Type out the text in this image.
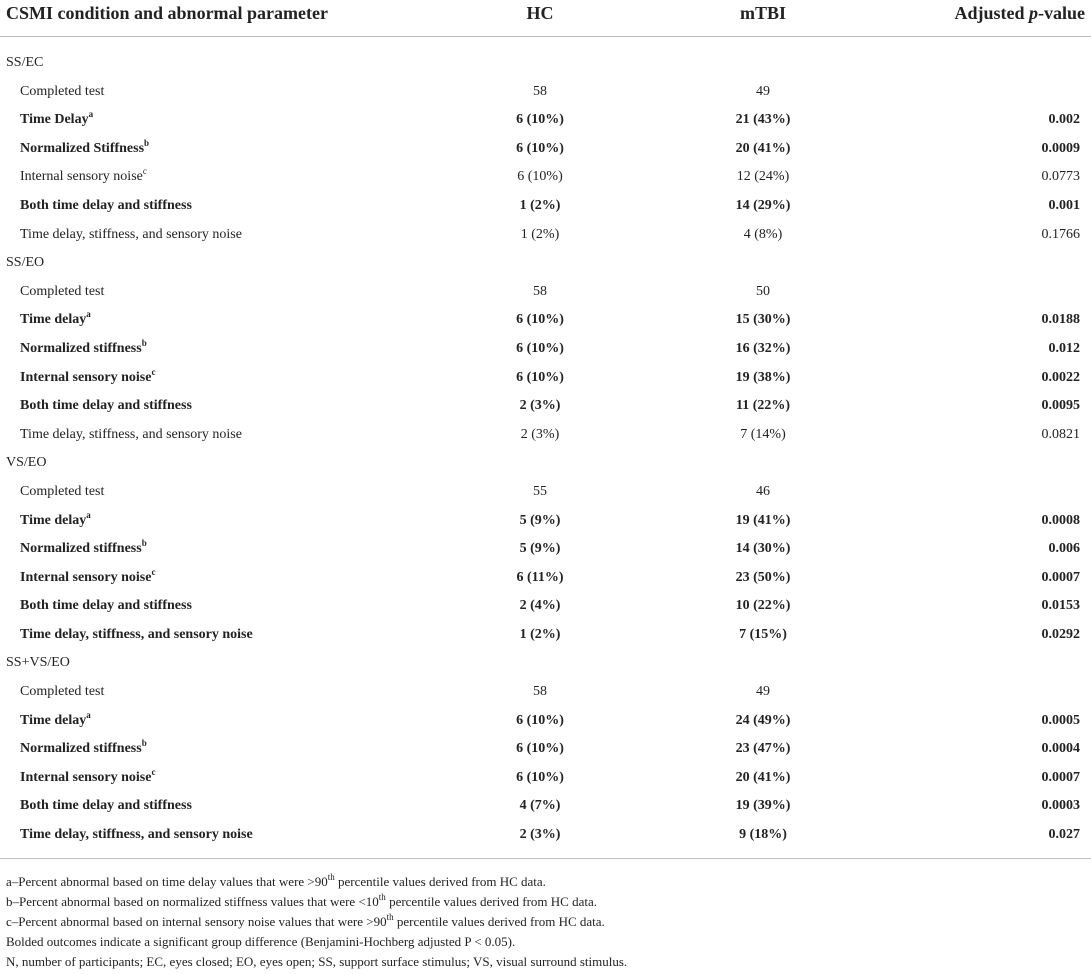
CSMI condition and abnormal parameter	HC	mTBI	Adjusted p-value
SS/EC
Completed test	58	49
Time Delay$^a$	6 (10%)	21 (43%)	0.002
Normalized Stiffness$^b$	6 (10%)	20 (41%)	0.0009
Internal sensory noise$^c$	6 (10%)	12 (24%)	0.0773
Both time delay and stiffness	1 (2%)	14 (29%)	0.001
Time delay, stiffness, and sensory noise	1 (2%)	4 (8%)	0.1766
SS/EO
Completed test	58	50
Time delay$^a$	6 (10%)	15 (30%)	0.0188
Normalized stiffness$^b$	6 (10%)	16 (32%)	0.012
Internal sensory noise$^c$	6 (10%)	19 (38%)	0.0022
Both time delay and stiffness	2 (3%)	11 (22%)	0.0095
Time delay, stiffness, and sensory noise	2 (3%)	7 (14%)	0.0821
VS/EO
Completed test	55	46
Time delay$^a$	5 (9%)	19 (41%)	0.0008
Normalized stiffness$^b$	5 (9%)	14 (30%)	0.006
Internal sensory noise$^c$	6 (11%)	23 (50%)	0.0007
Both time delay and stiffness	2 (4%)	10 (22%)	0.0153
Time delay, stiffness, and sensory noise	1 (2%)	7 (15%)	0.0292
SS+VS/EO
Completed test	58	49
Time delay$^a$	6 (10%)	24 (49%)	0.0005
Normalized stiffness$^b$	6 (10%)	23 (47%)	0.0004
Internal sensory noise$^c$	6 (10%)	20 (41%)	0.0007
Both time delay and stiffness	4 (7%)	19 (39%)	0.0003
Time delay, stiffness, and sensory noise	2 (3%)	9 (18%)	0.027
a–Percent abnormal based on time delay values that were >90th percentile values derived from HC data.
b–Percent abnormal based on normalized stiffness values that were <10th percentile values derived from HC data.
c–Percent abnormal based on internal sensory noise values that were >90th percentile values derived from HC data.
Bolded outcomes indicate a significant group difference (Benjamini-Hochberg adjusted P < 0.05).
N, number of participants; EC, eyes closed; EO, eyes open; SS, support surface stimulus; VS, visual surround stimulus.
